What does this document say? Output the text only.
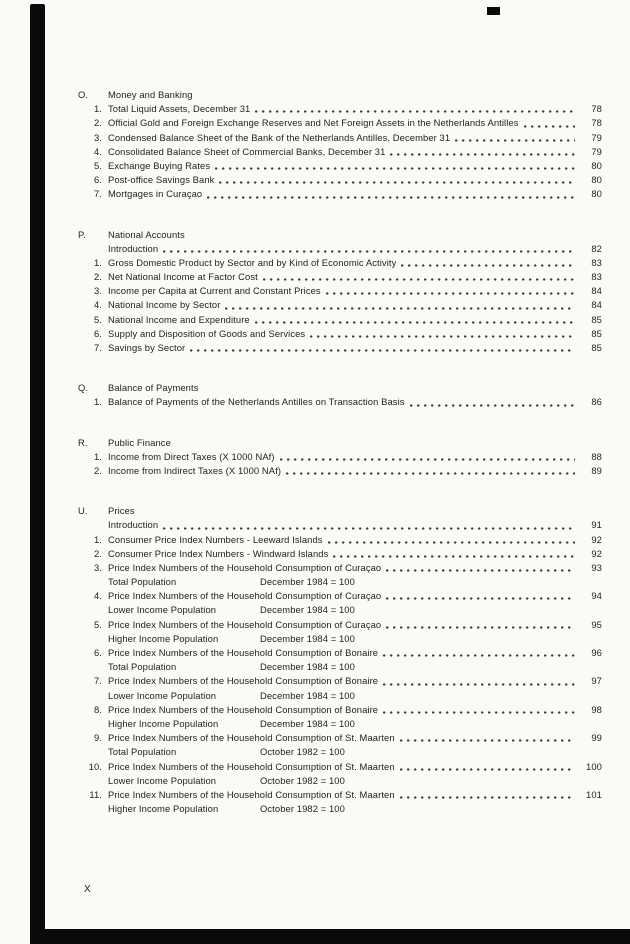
O.	Money and Banking
1. Total Liquid Assets, December 31	78
2. Official Gold and Foreign Exchange Reserves and Net Foreign Assets in the Netherlands Antilles	78
3. Condensed Balance Sheet of the Bank of the Netherlands Antilles, December 31	79
4. Consolidated Balance Sheet of Commercial Banks, December 31	79
5. Exchange Buying Rates	80
6. Post-office Savings Bank	80
7. Mortgages in Curaçao	80
P.	National Accounts
Introduction	82
1. Gross Domestic Product by Sector and by Kind of Economic Activity	83
2. Net National Income at Factor Cost	83
3. Income per Capita at Current and Constant Prices	84
4. National Income by Sector	84
5. National Income and Expenditure	85
6. Supply and Disposition of Goods and Services	85
7. Savings by Sector	85
Q.	Balance of Payments
1. Balance of Payments of the Netherlands Antilles on Transaction Basis	86
R.	Public Finance
1. Income from Direct Taxes (X 1000 NAf)	88
2. Income from Indirect Taxes (X 1000 NAf)	89
U.	Prices
Introduction	91
1. Consumer Price Index Numbers - Leeward Islands	92
2. Consumer Price Index Numbers - Windward Islands	92
3. Price Index Numbers of the Household Consumption of Curaçao	93
Total Population	December 1984 = 100
4. Price Index Numbers of the Household Consumption of Curaçao	94
Lower Income Population	December 1984 = 100
5. Price Index Numbers of the Household Consumption of Curaçao	95
Higher Income Population	December 1984 = 100
6. Price Index Numbers of the Household Consumption of Bonaire	96
Total Population	December 1984 = 100
7. Price Index Numbers of the Household Consumption of Bonaire	97
Lower Income Population	December 1984 = 100
8. Price Index Numbers of the Household Consumption of Bonaire	98
Higher Income Population	December 1984 = 100
9. Price Index Numbers of the Household Consumption of St. Maarten	99
Total Population	October 1982 = 100
10. Price Index Numbers of the Household Consumption of St. Maarten	100
Lower Income Population	October 1982 = 100
11. Price Index Numbers of the Household Consumption of St. Maarten	101
Higher Income Population	October 1982 = 100
X
